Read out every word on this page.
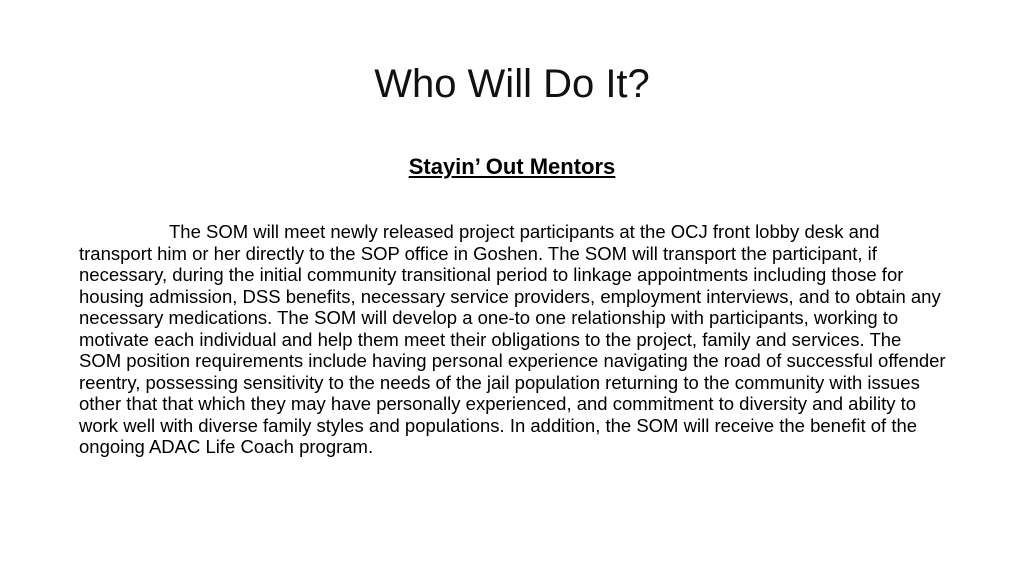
Who Will Do It?
Stayin’ Out Mentors

The SOM will meet newly released project participants at the OCJ front lobby desk and transport him or her directly to the SOP office in Goshen. The SOM will transport the participant, if necessary, during the initial community transitional period to linkage appointments including those for housing admission, DSS benefits, necessary service providers, employment interviews, and to obtain any necessary medications. The SOM will develop a one-to one relationship with participants, working to motivate each individual and help them meet their obligations to the project, family and services. The SOM position requirements include having personal experience navigating the road of successful offender reentry, possessing sensitivity to the needs of the jail population returning to the community with issues other that that which they may have personally experienced, and commitment to diversity and ability to work well with diverse family styles and populations. In addition, the SOM will receive the benefit of the ongoing ADAC Life Coach program.
